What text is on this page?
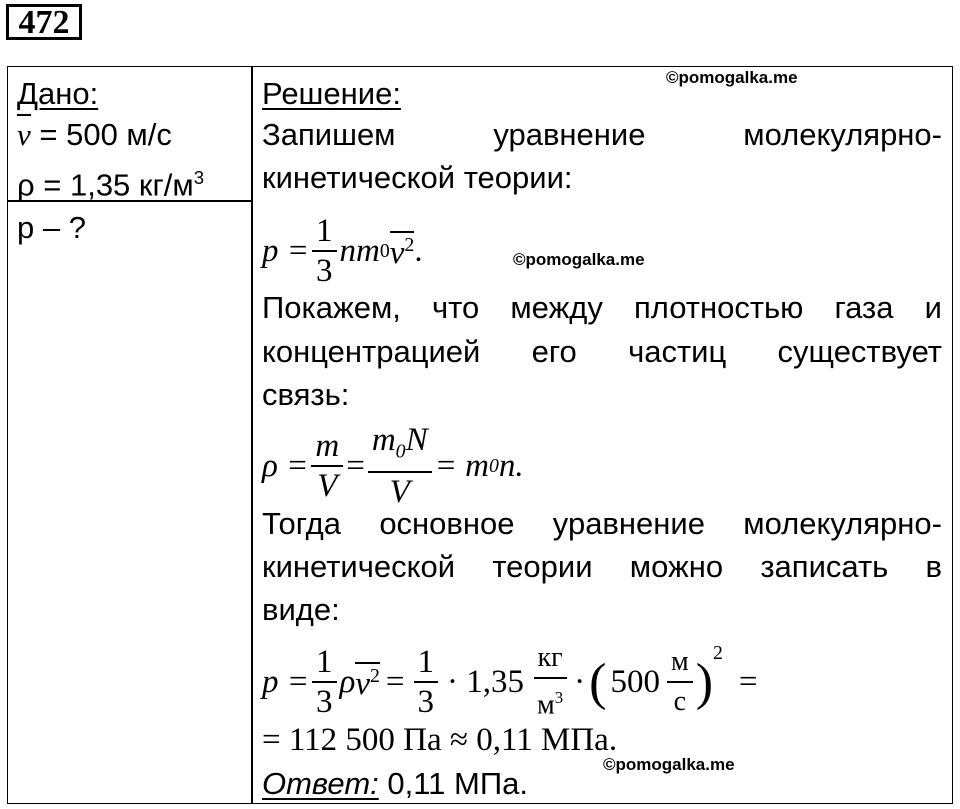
472
Дано:
v = 500 м/с
ρ = 1,35 $кг/м^3$
p – ?
Решение:
Запишем	уравнение	молекулярно-
кинетической теории:
$p = \frac{1}{3}$ n m 0 $v^2$ .
Покажем, что между плотностью газа и
концентрацией его частиц существует
связь:
$\rho = \frac{m}{V} = \frac{m_0N}{V} = m$ 0 n.
Тогда основное уравнение молекулярно-
кинетической теории можно записать в
виде:
$p = \frac{1}{3}$ ρ $v^2 = \frac{1}{3} \cdot 1,35 \frac{кг}{м^3}$ · ( $500 \frac{м}{с}$ )
$^2$
=
= 112 500 Па ≈ 0,11 МПа.
Ответ: 0,11 МПа.
©pomogalka.me
©pomogalka.me
©pomogalka.me
